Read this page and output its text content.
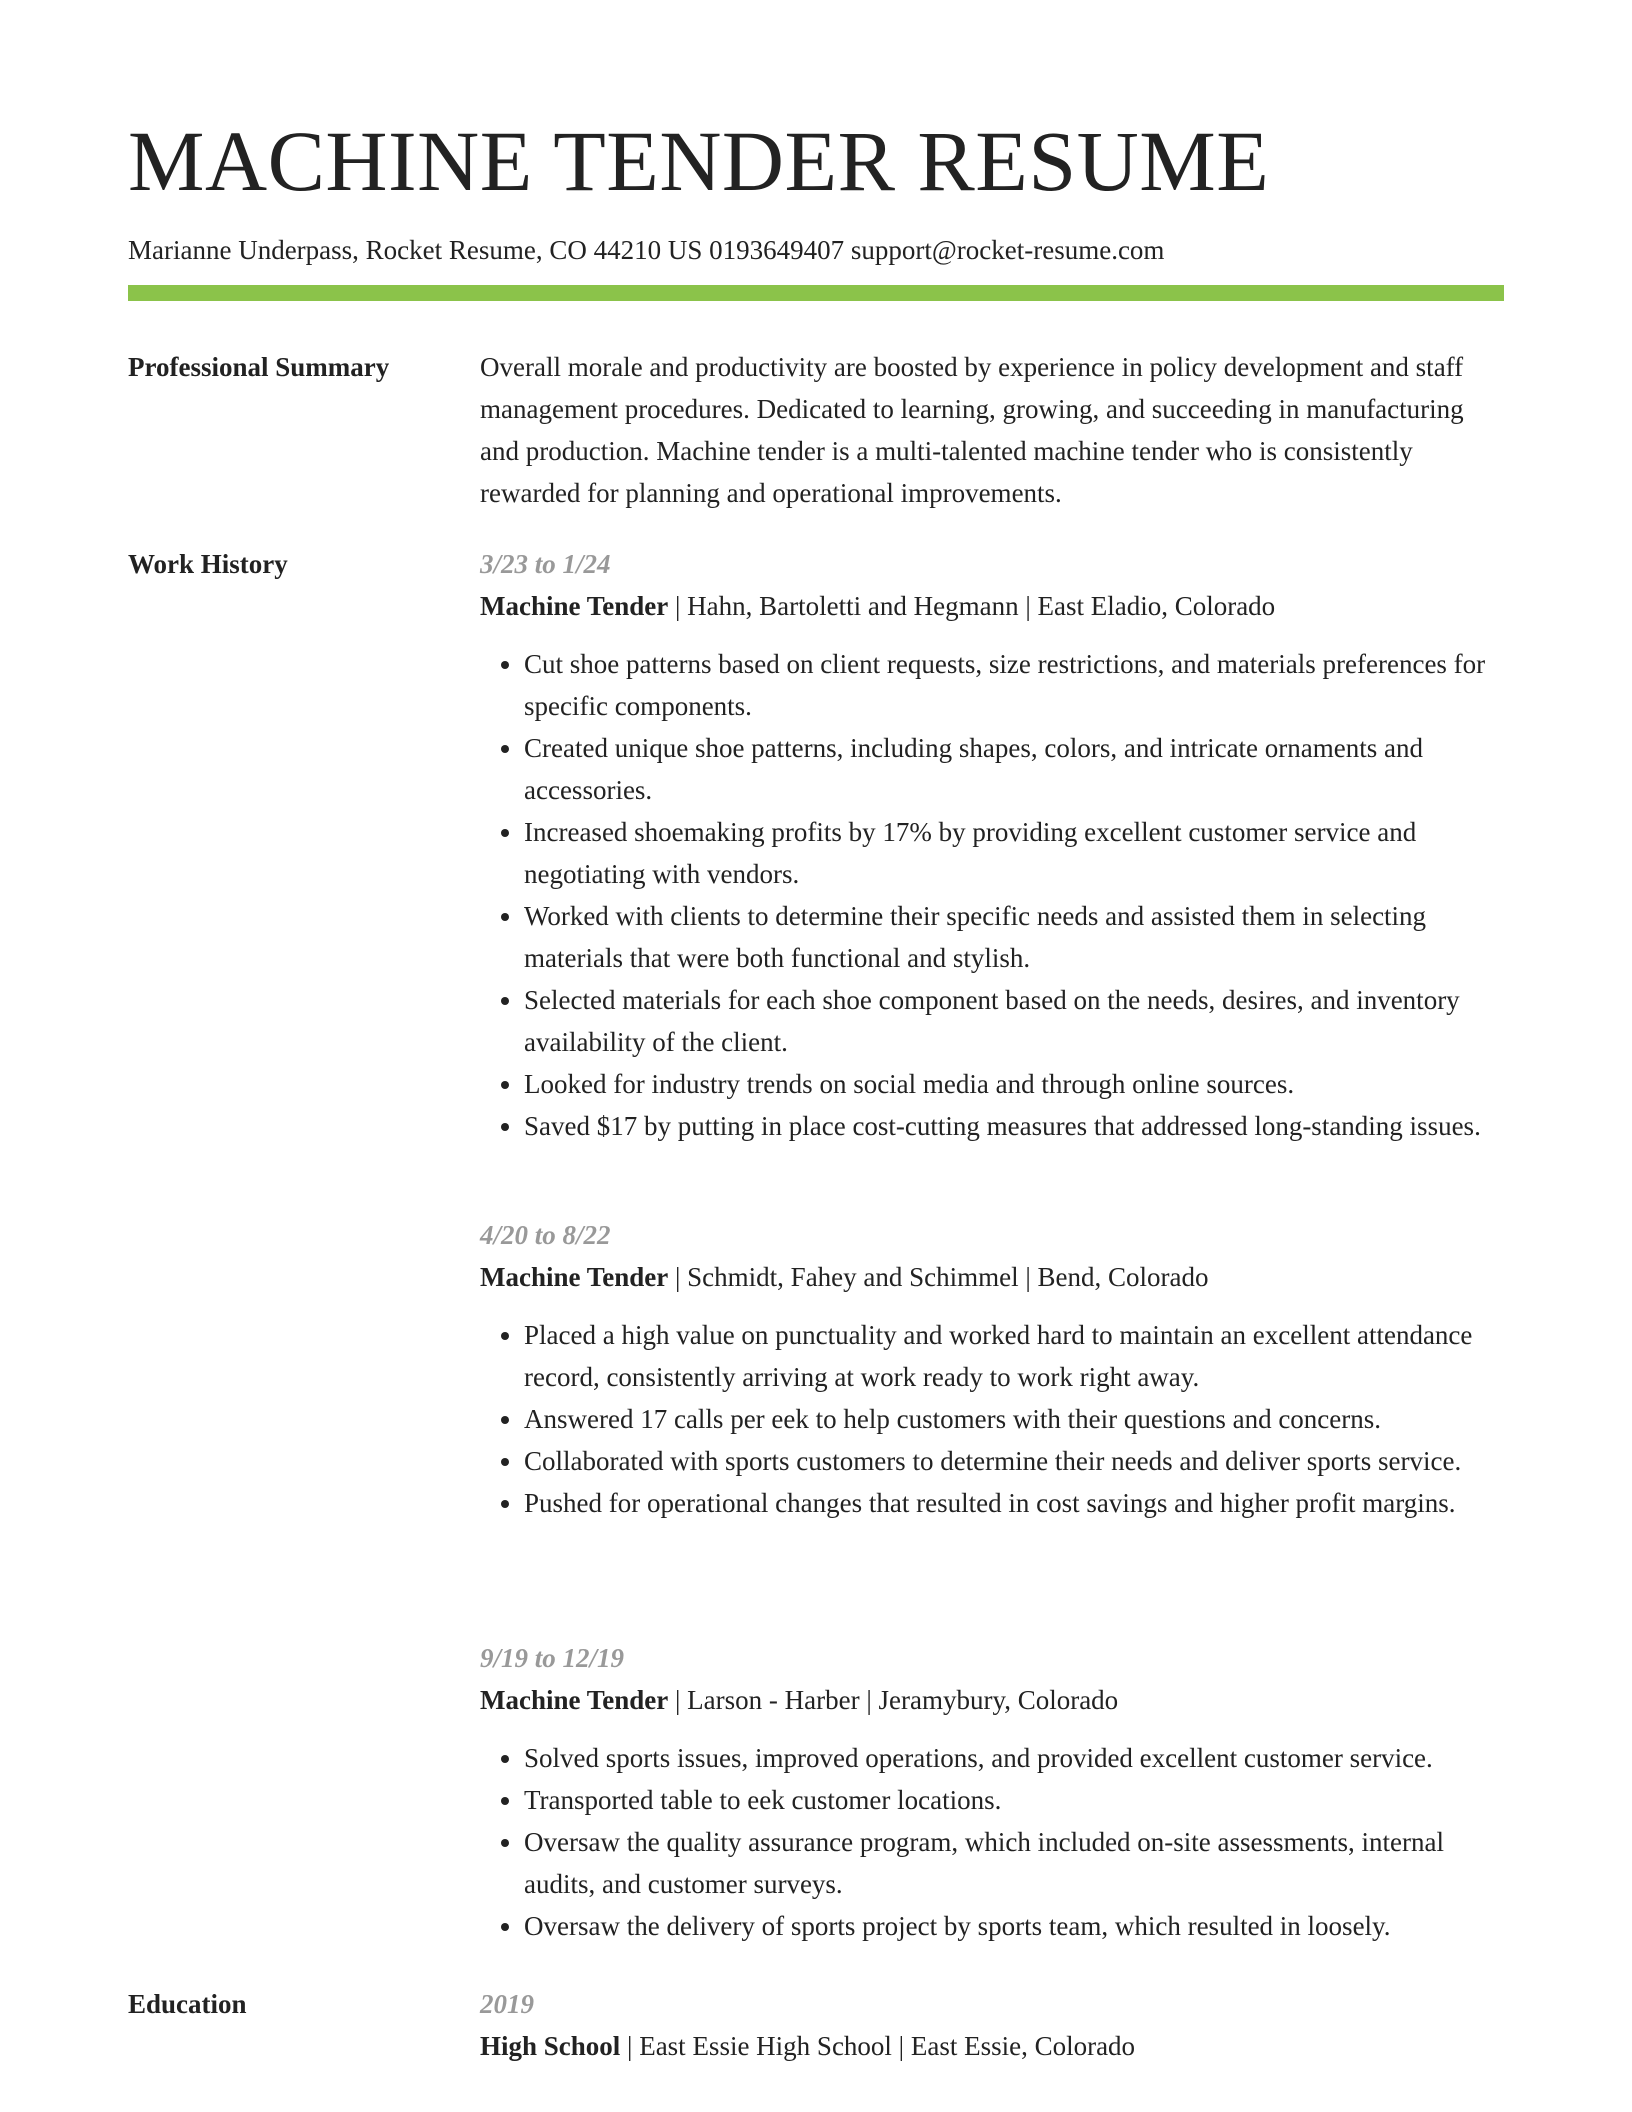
MACHINE TENDER RESUME
Marianne Underpass, Rocket Resume, CO 44210 US 0193649407 support@rocket-resume.com
Professional Summary	Overall morale and productivity are boosted by experience in policy development and staff management procedures. Dedicated to learning, growing, and succeeding in manufacturing and production. Machine tender is a multi-talented machine tender who is consistently rewarded for planning and operational improvements.

Work History	3/23 to 1/24
Machine Tender | Hahn, Bartoletti and Hegmann | East Eladio, Colorado
• Cut shoe patterns based on client requests, size restrictions, and materials preferences for specific components.
• Created unique shoe patterns, including shapes, colors, and intricate ornaments and accessories.
• Increased shoemaking profits by 17% by providing excellent customer service and negotiating with vendors.
• Worked with clients to determine their specific needs and assisted them in selecting materials that were both functional and stylish.
• Selected materials for each shoe component based on the needs, desires, and inventory availability of the client.
• Looked for industry trends on social media and through online sources.
• Saved $17 by putting in place cost-cutting measures that addressed long-standing issues.
4/20 to 8/22
Machine Tender | Schmidt, Fahey and Schimmel | Bend, Colorado
• Placed a high value on punctuality and worked hard to maintain an excellent attendance record, consistently arriving at work ready to work right away.
• Answered 17 calls per eek to help customers with their questions and concerns.
• Collaborated with sports customers to determine their needs and deliver sports service.
• Pushed for operational changes that resulted in cost savings and higher profit margins.
9/19 to 12/19
Machine Tender | Larson - Harber | Jeramybury, Colorado
• Solved sports issues, improved operations, and provided excellent customer service.
• Transported table to eek customer locations.
• Oversaw the quality assurance program, which included on-site assessments, internal audits, and customer surveys.
• Oversaw the delivery of sports project by sports team, which resulted in loosely.
Education	2019
High School | East Essie High School | East Essie, Colorado
